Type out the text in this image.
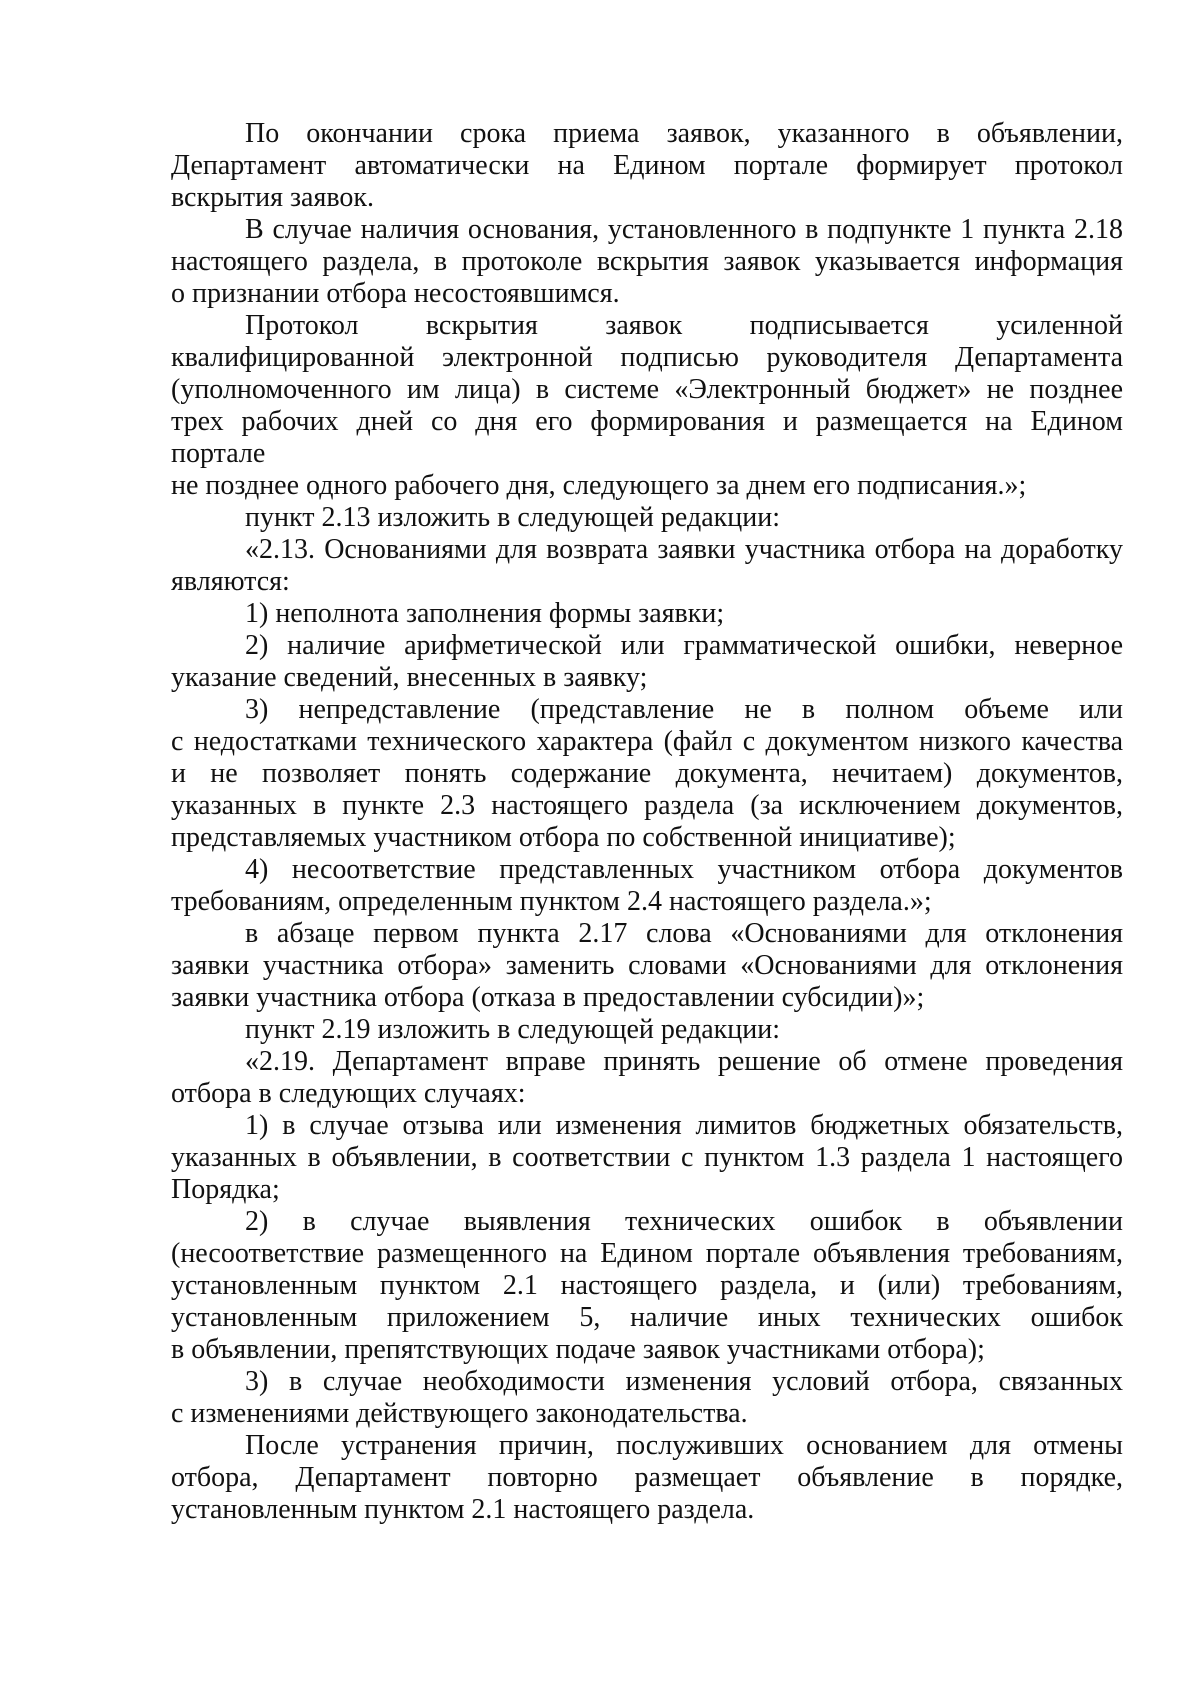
По окончании срока приема заявок, указанного в объявлении,

Департамент автоматически на Едином портале формирует протокол

вскрытия заявок.

В случае наличия основания, установленного в подпункте 1 пункта 2.18

настоящего раздела, в протоколе вскрытия заявок указывается информация

о признании отбора несостоявшимся.

Протокол вскрытия заявок подписывается усиленной

квалифицированной электронной подписью руководителя Департамента

(уполномоченного им лица) в системе «Электронный бюджет» не позднее

трех рабочих дней со дня его формирования и размещается на Едином

портале

не позднее одного рабочего дня, следующего за днем его подписания.»;

пункт 2.13 изложить в следующей редакции:

«2.13. Основаниями для возврата заявки участника отбора на доработку

являются:

1) неполнота заполнения формы заявки;

2) наличие арифметической или грамматической ошибки, неверное

указание сведений, внесенных в заявку;

3) непредставление (представление не в полном объеме или

с недостатками технического характера (файл с документом низкого качества

и не позволяет понять содержание документа, нечитаем) документов,

указанных в пункте 2.3 настоящего раздела (за исключением документов,

представляемых участником отбора по собственной инициативе);

4) несоответствие представленных участником отбора документов

требованиям, определенным пунктом 2.4 настоящего раздела.»;

в абзаце первом пункта 2.17 слова «Основаниями для отклонения

заявки участника отбора» заменить словами «Основаниями для отклонения

заявки участника отбора (отказа в предоставлении субсидии)»;

пункт 2.19 изложить в следующей редакции:

«2.19. Департамент вправе принять решение об отмене проведения

отбора в следующих случаях:

1) в случае отзыва или изменения лимитов бюджетных обязательств,

указанных в объявлении, в соответствии с пунктом 1.3 раздела 1 настоящего

Порядка;

2) в случае выявления технических ошибок в объявлении

(несоответствие размещенного на Едином портале объявления требованиям,

установленным пунктом 2.1 настоящего раздела, и (или) требованиям,

установленным приложением 5, наличие иных технических ошибок

в объявлении, препятствующих подаче заявок участниками отбора);

3) в случае необходимости изменения условий отбора, связанных

с изменениями действующего законодательства.

После устранения причин, послуживших основанием для отмены

отбора, Департамент повторно размещает объявление в порядке,

установленным пунктом 2.1 настоящего раздела.
